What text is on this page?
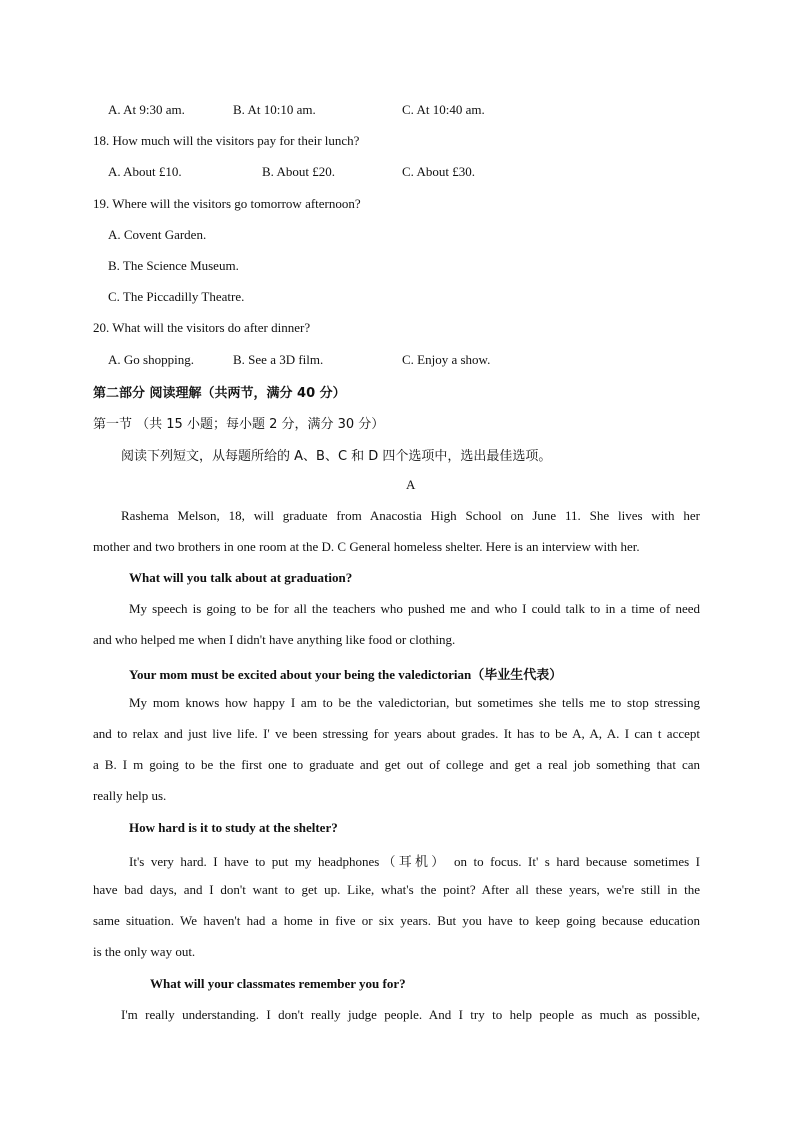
A. At 9:30 am.	B. At 10:10 am.	C. At 10:40 am.
18. How much will the visitors pay for their lunch?
A. About £10.	B. About £20.	C. About £30.
19. Where will the visitors go tomorrow afternoon?
A. Covent Garden.
B. The Science Museum.
C. The Piccadilly Theatre.
20. What will the visitors do after dinner?
A. Go shopping.	B. See a 3D film.	C. Enjoy a show.
第二部分 阅读理解（共两节，满分 40 分）
第一节 （共 15 小题；每小题 2 分，满分 30 分）
阅读下列短文，从每题所给的 A、B、C 和 D 四个选项中，选出最佳选项。
A
Rashema Melson, 18, will graduate from Anacostia High School on June 11. She lives with her
mother and two brothers in one room at the D. C General homeless shelter. Here is an interview with her.
What will you talk about at graduation?
My speech is going to be for all the teachers who pushed me and who I could talk to in a time of need
and who helped me when I didn't have anything like food or clothing.
Your mom must be excited about your being the valedictorian（毕业生代表）
My mom knows how happy I am to be the valedictorian, but sometimes she tells me to stop stressing
and to relax and just live life. I' ve been stressing for years about grades. It has to be A, A, A. I can t accept
a B. I m going to be the first one to graduate and get out of college and get a real job something that can
really help us.
How hard is it to study at the shelter?
It's very hard. I have to put my headphones（耳机） on to focus. It' s hard because sometimes I
have bad days, and I don't want to get up. Like, what's the point? After all these years, we're still in the
same situation. We haven't had a home in five or six years. But you have to keep going because education
is the only way out.
What will your classmates remember you for?
I'm really understanding. I don't really judge people. And I try to help people as much as possible,
